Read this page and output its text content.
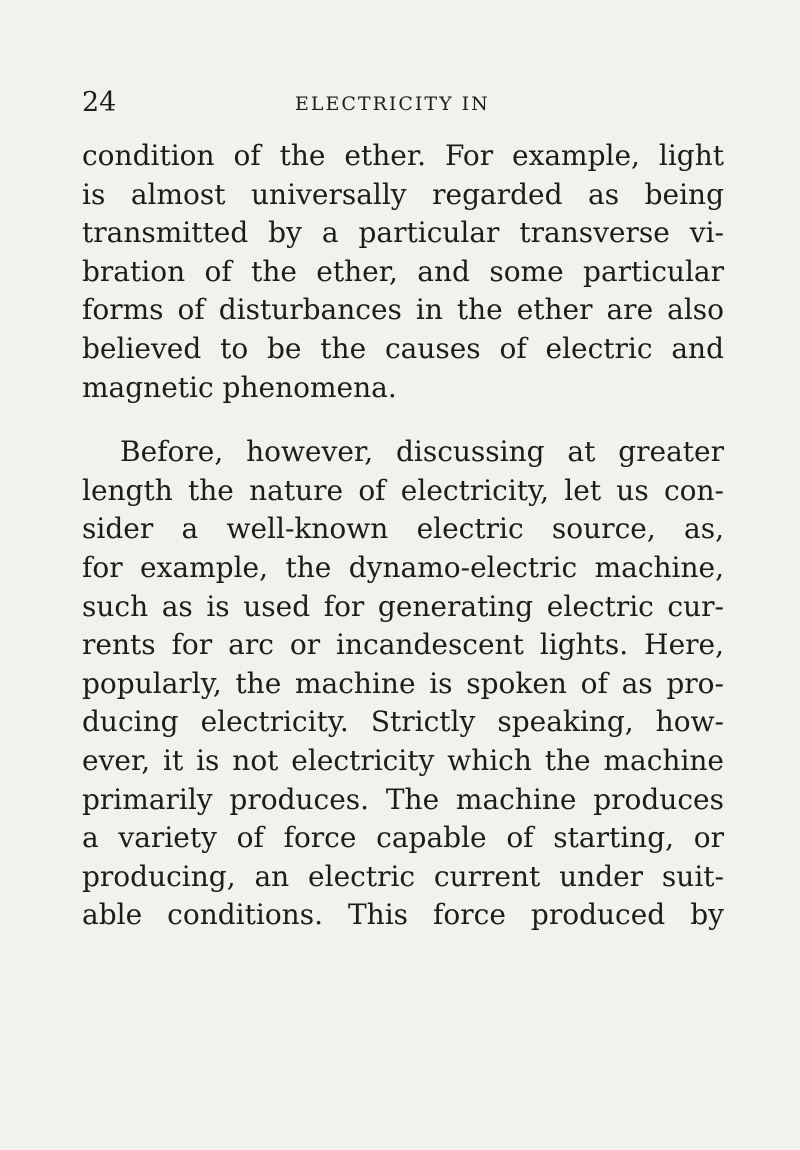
24	ELECTRICITY IN
condition of the ether. For example, light
is almost universally regarded as being
transmitted by a particular transverse vi-
bration of the ether, and some particular
forms of disturbances in the ether are also
believed to be the causes of electric and
magnetic phenomena.
Before, however, discussing at greater
length the nature of electricity, let us con-
sider a well-known electric source, as,
for example, the dynamo-electric machine,
such as is used for generating electric cur-
rents for arc or incandescent lights. Here,
popularly, the machine is spoken of as pro-
ducing electricity. Strictly speaking, how-
ever, it is not electricity which the machine
primarily produces. The machine produces
a variety of force capable of starting, or
producing, an electric current under suit-
able conditions. This force produced by
